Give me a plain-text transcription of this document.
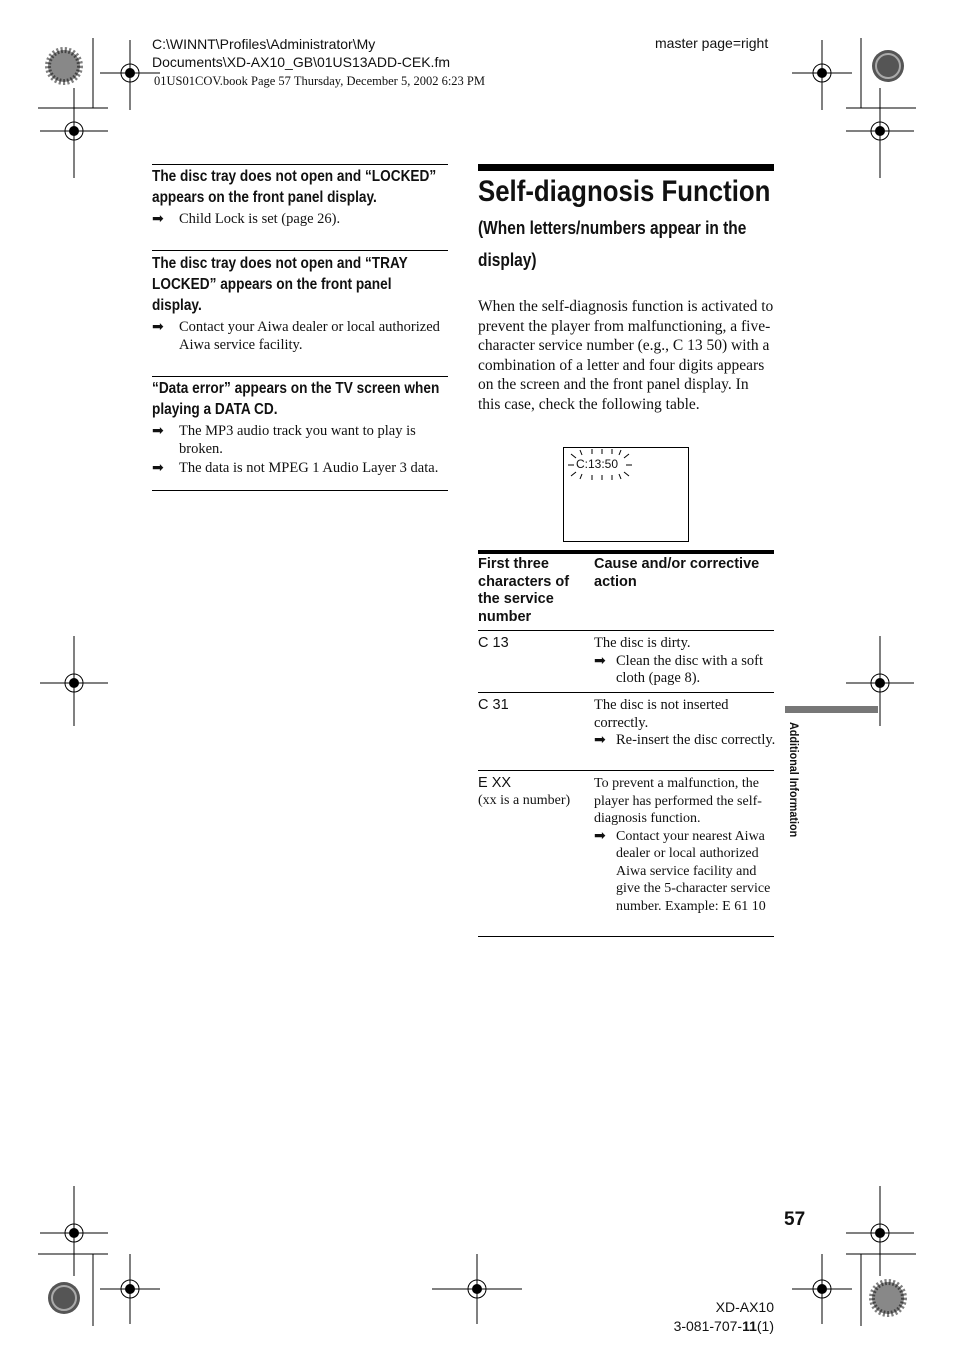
C:\WINNT\Profiles\Administrator\My Documents\XD-AX10_GB\01US13ADD-CEK.fm
master page=right
01US01COV.book Page 57 Thursday, December 5, 2002 6:23 PM
The disc tray does not open and “LOCKED” appears on the front panel display.
➡ Child Lock is set (page 26).
The disc tray does not open and “TRAY LOCKED” appears on the front panel display.
➡ Contact your Aiwa dealer or local authorized Aiwa service facility.
“Data error” appears on the TV screen when playing a DATA CD.
➡ The MP3 audio track you want to play is broken.
➡ The data is not MPEG 1 Audio Layer 3 data.
Self-diagnosis Function
(When letters/numbers appear in the display)
When the self-diagnosis function is activated to prevent the player from malfunctioning, a five-character service number (e.g., C 13 50) with a combination of a letter and four digits appears on the screen and the front panel display. In this case, check the following table.
C:13:50
First three characters of the service number
Cause and/or corrective action
C 13	The disc is dirty.
➡ Clean the disc with a soft cloth (page 8).
C 31	The disc is not inserted correctly.
➡ Re-insert the disc correctly.
E XX
(xx is a number)
To prevent a malfunction, the player has performed the self-diagnosis function.
➡ Contact your nearest Aiwa dealer or local authorized Aiwa service facility and give the 5-character service number. Example: E 61 10
Additional Information
57
XD-AX10
3-081-707-11(1)
